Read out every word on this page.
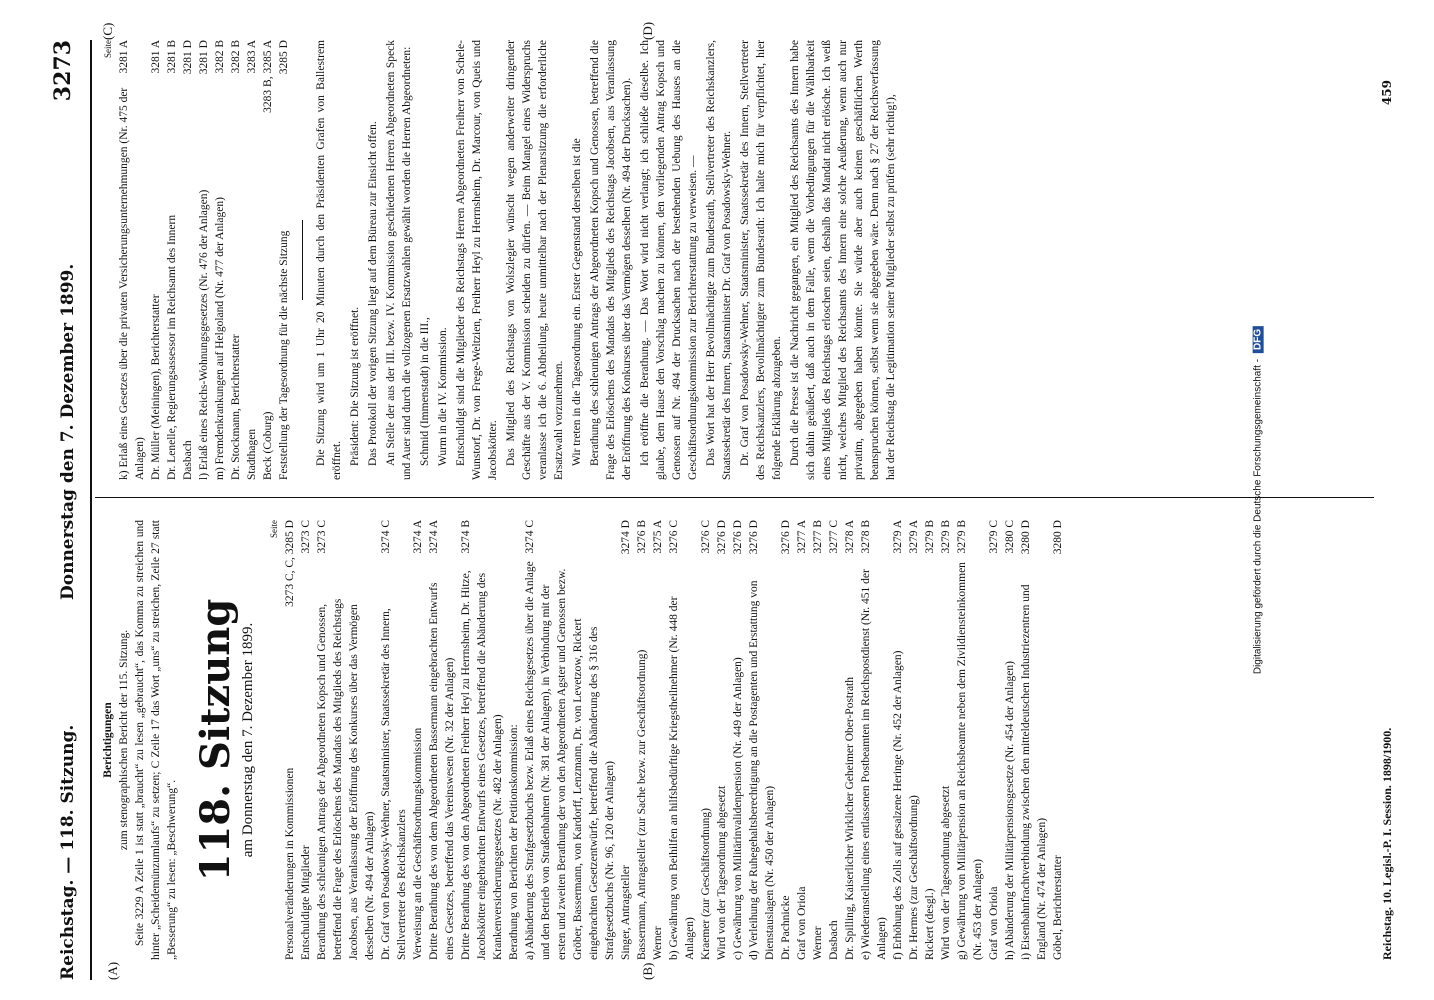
Reichstag. — 118. Sitzung.
Donnerstag den 7. Dezember 1899.
3273
(A)	(B)
(C)	(D)
Berichtigungen zum stenographischen Bericht der 115. Sitzung. Seite 3229 A Zeile 1 ist statt „braucht“ zu lesen „gebraucht“, das Komma zu streichen und hinter „Scheidemünzumlaufs“ zu setzen; C Zeile 17 das Wort „uns“ zu streichen, Zeile 27 statt „Besserung“ zu lesen: „Beschwerung“. 118. Sitzung am Donnerstag den 7. Dezember 1899.
Seite
Personalveränderungen in Kommissionen
3273 C, C, 3285 D
Entschuldigte Mitglieder
3273 C
Berathung des schleunigen Antrags der Abgeordneten Kopsch und Genossen, betreffend die Frage des Erlöschens des Mandats des Mitglieds des Reichstags Jacobsen, aus Veranlassung der Eröffnung des Konkurses über das Vermögen desselben (Nr. 494 der Anlagen)
3273 C
Dr. Graf von Posadowsky-Wehner, Staatsminister, Staatssekretär des Innern, Stellvertreter des Reichskanzlers
3274 C
Verweisung an die Geschäftsordnungskommission
3274 A
Dritte Berathung des von dem Abgeordneten Bassermann eingebrachten Entwurfs eines Gesetzes, betreffend das Vereinswesen (Nr. 32 der Anlagen)
3274 A
Dritte Berathung des von den Abgeordneten Freiherr Heyl zu Herrnsheim, Dr. Hitze, Jacobskötter eingebrachten Entwurfs eines Gesetzes, betreffend die Abänderung des Krankenversicherungsgesetzes (Nr. 482 der Anlagen)
3274 B
Berathung von Berichten der Petitionskommission: a) Abänderung des Strafgesetzbuchs bezw. Erlaß eines Reichsgesetzes über die Anlage und den Betrieb von Straßenbahnen (Nr. 381 der Anlagen), in Verbindung mit der ersten und zweiten Berathung der von den Abgeordneten Agster und Genossen bezw. Gröber, Bassermann, von Kardorff, Lenzmann, Dr. von Levetzow, Rickert eingebrachten Gesetzentwürfe, betreffend die Abänderung des § 316 des Strafgesetzbuchs (Nr. 96, 120 der Anlagen)
3274 C
Singer, Antragsteller
3274 D
Bassermann, Antragsteller (zur Sache bezw. zur Geschäftsordnung)
3276 B
Werner
3275 A
b) Gewährung von Beihilfen an hilfsbedürftige Kriegstheilnehmer (Nr. 448 der Anlagen)
3276 C
Kraemer (zur Geschäftsordnung)
3276 C
Wird von der Tagesordnung abgesetzt
3276 D
c) Gewährung von Militärinvalidenpension (Nr. 449 der Anlagen)
3276 D
d) Verleihung der Ruhegehaltsberechtigung an die Postagenten und Erstattung von Dienstauslagen (Nr. 450 der Anlagen)
3276 D
Dr. Pachnicke
3276 D
Graf von Oriola
3277 A
Werner
3277 B
Dasbach
3277 C
Dr. Spilling, Kaiserlicher Wirklicher Geheimer Ober-Postrath
3278 A
e) Wiederanstellung eines entlassenen Postbeamten im Reichspostdienst (Nr. 451 der Anlagen)
3278 B
f) Erhöhung des Zolls auf gesalzene Heringe (Nr. 452 der Anlagen)
3279 A
Dr. Hermes (zur Geschäftsordnung)
3279 A
Rickert (desgl.)
3279 B
Wird von der Tagesordnung abgesetzt
3279 B
g) Gewährung von Militärpension an Reichsbeamte neben dem Zivildiensteinkommen (Nr. 453 der Anlagen)
3279 B
Graf von Oriola
3279 C
h) Abänderung der Militärpensionsgesetze (Nr. 454 der Anlagen)
3280 C
i) Eisenbahnfrachtverbindung zwischen den mitteldeutschen Industriezentren und England (Nr. 474 der Anlagen)
3280 D
Göbel, Berichterstatter
3280 D
Seite
k) Erlaß eines Gesetzes über die privaten Versicherungsunternehmungen (Nr. 475 der Anlagen)
3281 A
Dr. Müller (Meiningen), Berichterstatter
3281 A
Dr. Lenelle, Regierungsassessor im Reichsamt des Innern
3281 B
Dasbach
3281 D
l) Erlaß eines Reichs-Wohnungsgesetzes (Nr. 476 der Anlagen)
3281 D
m) Fremdenkrankungen auf Helgoland (Nr. 477 der Anlagen)
3282 B
Dr. Stockmann, Berichterstatter
3282 B
Stadthagen
3283 A
Beck (Coburg)
3283 B, 3285 A
Feststellung der Tagesordnung für die nächste Sitzung
3285 D Die Sitzung wird um 1 Uhr 20 Minuten durch den Präsidenten Grafen von Ballestrem eröffnet. Präsident: Die Sitzung ist eröffnet. Das Protokoll der vorigen Sitzung liegt auf dem Büreau zur Einsicht offen. An Stelle der aus der III. bezw. IV. Kommission geschiedenen Herren Abgeordneten Speck und Auer sind durch die vollzogenen Ersatzwahlen gewählt worden die Herren Abgeordneten: Schmid (Immenstadt) in die III., Wurm in die IV. Kommission. Entschuldigt sind die Mitglieder des Reichstags Herren Abgeordneten Freiherr von Schele-Wunstorf, Dr. von Frege-Weltzien, Freiherr Heyl zu Herrnsheim, Dr. Marcour, von Queis und Jacobskötter. Das Mitglied des Reichstags von Wolszlegier wünscht wegen anderweiter dringender Geschäfte aus der V. Kommission scheiden zu dürfen. — Beim Mangel eines Widerspruchs veranlasse ich die 6. Abtheilung, heute unmittelbar nach der Plenarsitzung die erforderliche Ersatzwahl vorzunehmen. Wir treten in die Tagesordnung ein. Erster Gegenstand derselben ist die Berathung des schleunigen Antrags der Abgeordneten Kopsch und Genossen, betreffend die Frage des Erlöschens des Mandats des Mitglieds des Reichstags Jacobsen, aus Veranlassung der Eröffnung des Konkurses über das Vermögen desselben (Nr. 494 der Drucksachen). Ich eröffne die Berathung. — Das Wort wird nicht verlangt; ich schließe dieselbe. Ich glaube, dem Hause den Vorschlag machen zu können, den vorliegenden Antrag Kopsch und Genossen auf Nr. 494 der Drucksachen nach der bestehenden Uebung des Hauses an die Geschäftsordnungskommission zur Berichterstattung zu verweisen. — Das Wort hat der Herr Bevollmächtigte zum Bundesrath, Stellvertreter des Reichskanzlers, Staatssekretär des Innern, Staatsminister Dr. Graf von Posadowsky-Wehner. Dr. Graf von Posadowsky-Wehner, Staatsminister, Staatssekretär des Innern, Stellvertreter des Reichskanzlers, Bevollmächtigter zum Bundesrath: Ich halte mich für verpflichtet, hier folgende Erklärung abzugeben. Durch die Presse ist die Nachricht gegangen, ein Mitglied des Reichsamts des Innern habe sich dahin geäußert, daß auch in dem Falle, wenn die Vorbedingungen für die Wählbarkeit eines Mitglieds des Reichstags erloschen seien, deshalb das Mandat nicht erlösche. Ich weiß nicht, welches Mitglied des Reichsamts des Innern eine solche Aeußerung, wenn auch nur privatim, abgegeben haben könnte. Sie würde aber auch keinen geschäftlichen Werth beanspruchen können, selbst wenn sie abgegeben wäre. Denn nach § 27 der Reichsverfassung hat der Reichstag die Legitimation seiner Mitglieder selbst zu prüfen (sehr richtig!),

Reichstag. 10. Legisl.-P. I. Session. 1898/1900.
459
Digitalisierung gefördert durch die Deutsche Forschungsgemeinschaft -DFG
